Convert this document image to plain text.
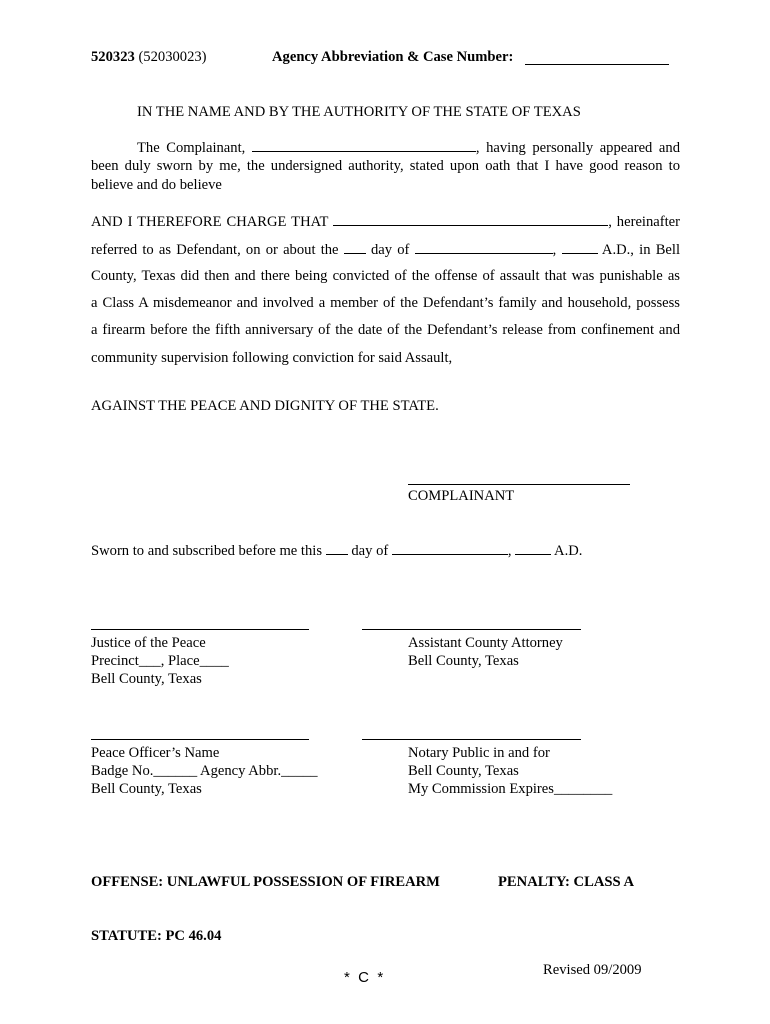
520323 (52030023)	Agency Abbreviation & Case Number:
IN THE NAME AND BY THE AUTHORITY OF THE STATE OF TEXAS
The Complainant,	, having personally appeared and
been duly sworn by me, the undersigned authority, stated upon oath that I have good reason to
believe and do believe
AND I THEREFORE CHARGE THAT	, hereinafter
referred to as Defendant, on or about the day of	,	A.D., in Bell
County, Texas did then and there being convicted of the offense of assault that was punishable as
a Class A misdemeanor and involved a member of the Defendant’s family and household, possess
a firearm before the fifth anniversary of the date of the Defendant’s release from confinement and
community supervision following conviction for said Assault,
AGAINST THE PEACE AND DIGNITY OF THE STATE.
COMPLAINANT
Sworn to and subscribed before me this day of	,	A.D.
Justice of the Peace
Precinct___, Place____
Bell County, Texas
Assistant County Attorney
Bell County, Texas
Peace Officer’s Name
Badge No.______ Agency Abbr._____
Bell County, Texas
Notary Public in and for
Bell County, Texas
My Commission Expires________
OFFENSE: UNLAWFUL POSSESSION OF FIREARM	PENALTY: CLASS A
STATUTE: PC 46.04
*  C  *	Revised 09/2009
